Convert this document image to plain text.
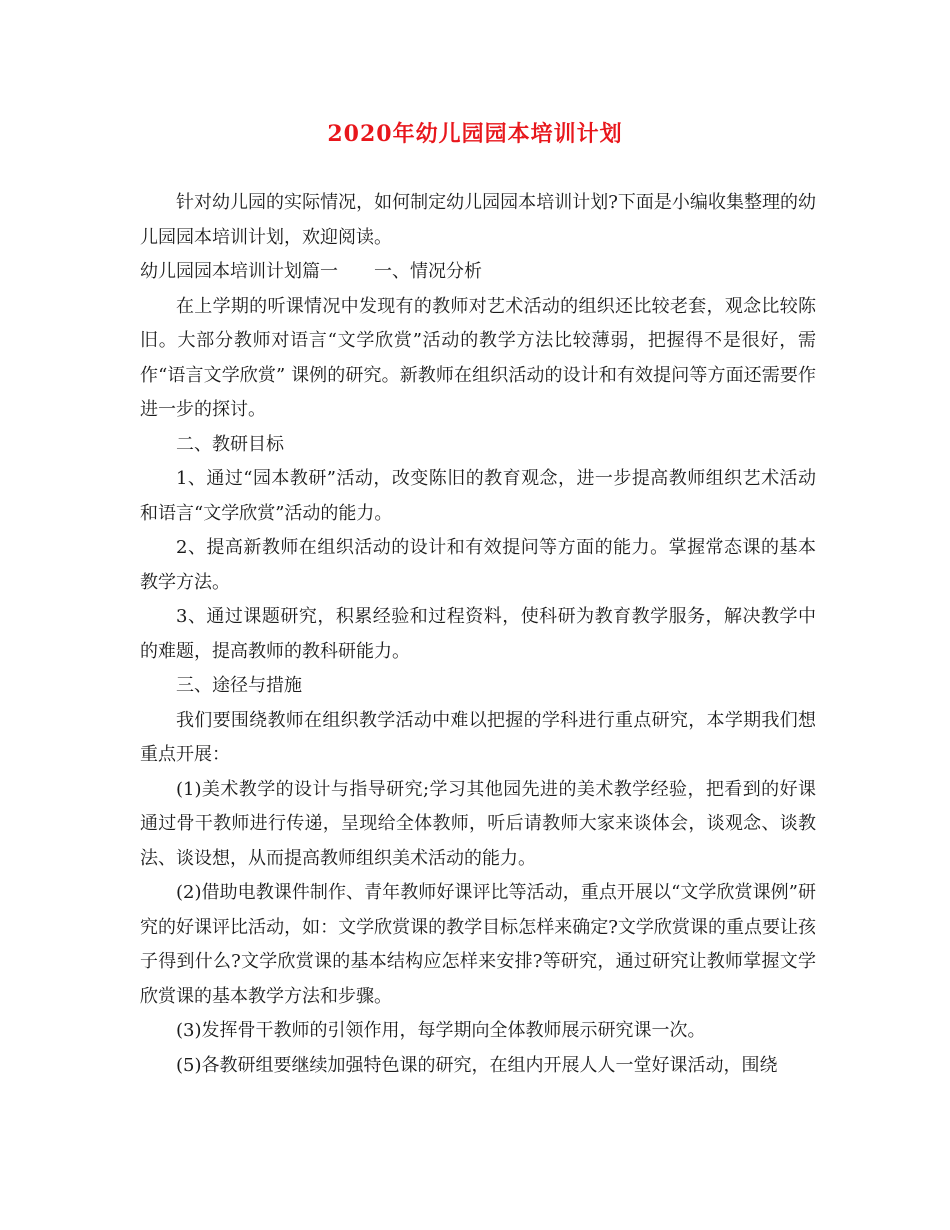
2020年幼儿园园本培训计划

针对幼儿园的实际情况，如何制定幼儿园园本培训计划?下面是小编收集整理的幼儿园园本培训计划，欢迎阅读。

幼儿园园本培训计划篇一 一、情况分析

在上学期的听课情况中发现有的教师对艺术活动的组织还比较老套，观念比较陈旧。大部分教师对语言“文学欣赏”活动的教学方法比较薄弱，把握得不是很好，需作“语言文学欣赏” 课例的研究。新教师在组织活动的设计和有效提问等方面还需要作进一步的探讨。

二、教研目标

1、通过“园本教研”活动，改变陈旧的教育观念，进一步提高教师组织艺术活动和语言“文学欣赏”活动的能力。

2、提高新教师在组织活动的设计和有效提问等方面的能力。掌握常态课的基本教学方法。

3、通过课题研究，积累经验和过程资料，使科研为教育教学服务，解决教学中的难题，提高教师的教科研能力。

三、途径与措施

我们要围绕教师在组织教学活动中难以把握的学科进行重点研究，本学期我们想重点开展：

(1)美术教学的设计与指导研究;学习其他园先进的美术教学经验，把看到的好课通过骨干教师进行传递，呈现给全体教师，听后请教师大家来谈体会，谈观念、谈教法、谈设想，从而提高教师组织美术活动的能力。

(2)借助电教课件制作、青年教师好课评比等活动，重点开展以“文学欣赏课例”研究的好课评比活动，如：文学欣赏课的教学目标怎样来确定?文学欣赏课的重点要让孩子得到什么?文学欣赏课的基本结构应怎样来安排?等研究，通过研究让教师掌握文学欣赏课的基本教学方法和步骤。

(3)发挥骨干教师的引领作用，每学期向全体教师展示研究课一次。

(5)各教研组要继续加强特色课的研究，在组内开展人人一堂好课活动，围绕
